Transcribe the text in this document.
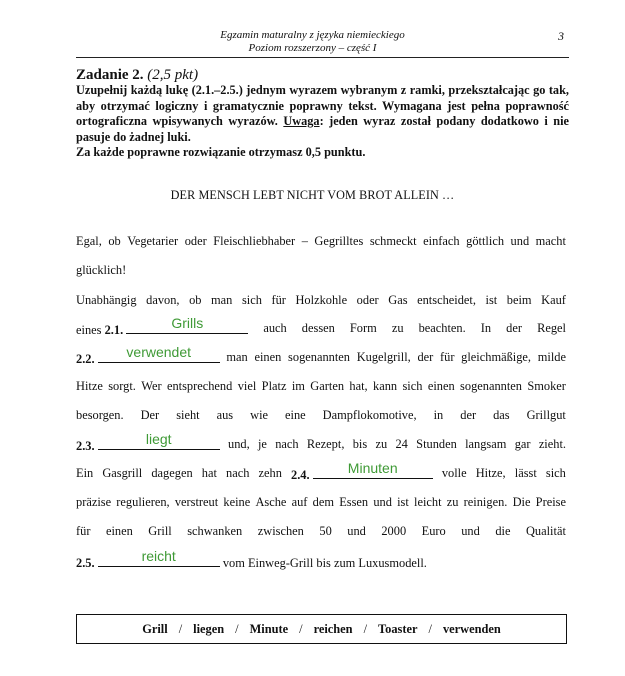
Egzamin maturalny z języka niemieckiego
Poziom rozszerzony – część I
3
Zadanie 2. (2,5 pkt)
Uzupełnij każdą lukę (2.1.–2.5.) jednym wyrazem wybranym z ramki, przekształcając go tak, aby otrzymać logiczny i gramatycznie poprawny tekst. Wymagana jest pełna poprawność ortograficzna wpisywanych wyrazów. Uwaga: jeden wyraz został podany dodatkowo i nie pasuje do żadnej luki.
Za każde poprawne rozwiązanie otrzymasz 0,5 punktu.
DER MENSCH LEBT NICHT VOM BROT ALLEIN …
Egal, ob Vegetarier oder Fleischliebhaber – Gegrilltes schmeckt einfach göttlich und macht
glücklich!
Unabhängig davon, ob man sich für Holzkohle oder Gas entscheidet, ist beim Kauf
eines 2.1.	Grills	auch dessen Form zu beachten. In der Regel
2.2.	verwendet	man einen sogenannten Kugelgrill, der für gleichmäßige, milde
Hitze sorgt. Wer entsprechend viel Platz im Garten hat, kann sich einen sogenannten Smoker
besorgen. Der sieht aus wie eine Dampflokomotive, in der das Grillgut
2.3.	liegt	und, je nach Rezept, bis zu 24 Stunden langsam gar zieht.
Ein Gasgrill dagegen hat nach zehn 2.4.	Minuten	volle Hitze, lässt sich
präzise regulieren, verstreut keine Asche auf dem Essen und ist leicht zu reinigen. Die Preise
für einen Grill schwanken zwischen 50 und 2000 Euro und die Qualität
2.5.	reicht	vom Einweg-Grill bis zum Luxusmodell.
Grill / liegen / Minute / reichen / Toaster / verwenden
